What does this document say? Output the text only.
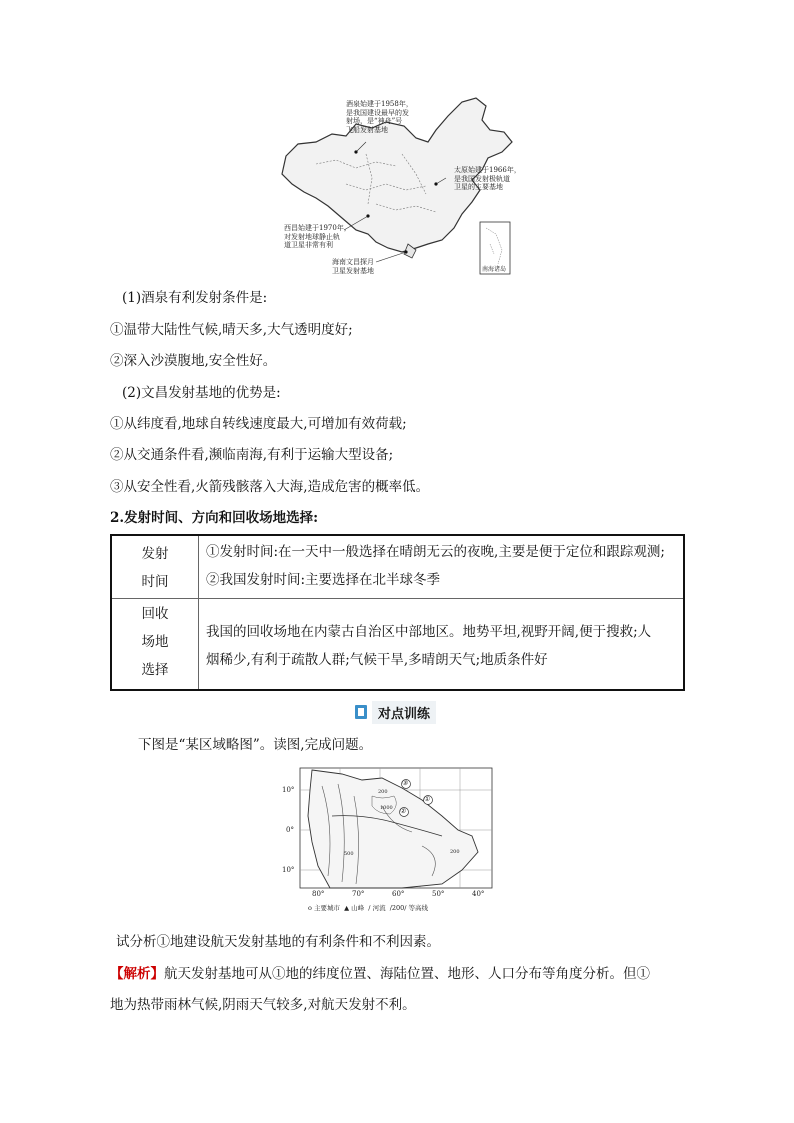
酒泉始建于1958年，
是我国建设最早的发
射场，是“神舟”号
飞船发射基地
太原始建于1966年，
是我国发射极轨道
卫星的主要基地
西昌始建于1970年，
对发射地球静止轨
道卫星非常有利
海南文昌探月
卫星发射基地	南海诸岛
(1)酒泉有利发射条件是:
①温带大陆性气候,晴天多,大气透明度好;
②深入沙漠腹地,安全性好。
(2)文昌发射基地的优势是:
①从纬度看,地球自转线速度最大,可增加有效荷载;
②从交通条件看,濒临南海,有利于运输大型设备;
③从安全性看,火箭残骸落入大海,造成危害的概率低。
2.发射时间、方向和回收场地选择:
发射
时间
①发射时间:在一天中一般选择在晴朗无云的夜晚,主要是便于定位和跟踪观测;
②我国发射时间:主要选择在北半球冬季
回收
场地
选择
我国的回收场地在内蒙古自治区中部地区。地势平坦,视野开阔,便于搜救;人
烟稀少,有利于疏散人群;气候干旱,多晴朗天气;地质条件好
对点训练
下图是“某区域略图”。读图,完成问题。
10°
0°
10°
80°	70°	60°	50°	40°
①
②
③
200
500
1000
200
o 主要城市  ▲ 山峰  ∕ 河流  ∕200∕ 等高线
试分析①地建设航天发射基地的有利条件和不利因素。
【解析】航天发射基地可从①地的纬度位置、海陆位置、地形、人口分布等角度分析。但①
地为热带雨林气候,阴雨天气较多,对航天发射不利。
